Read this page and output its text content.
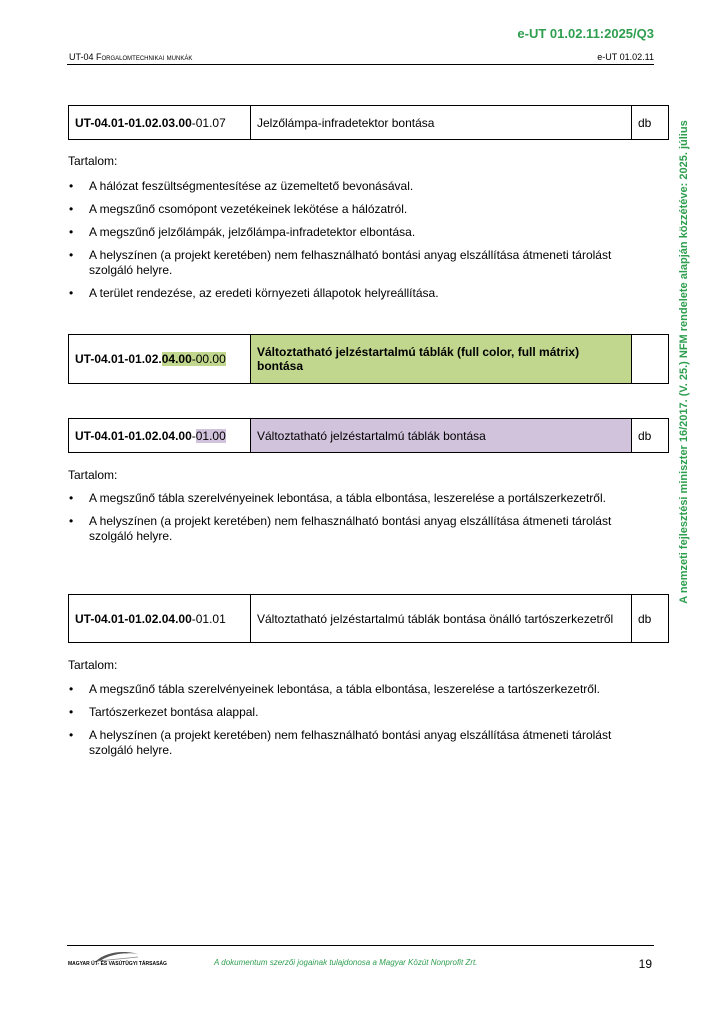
e-UT 01.02.11:2025/Q3
UT-04 Forgalomtechnikai munkák	e-UT 01.02.11
A nemzeti fejlesztési miniszter 16/2017. (V. 25.) NFM rendelete alapján közzétéve: 2025. július
UT-04.01-01.02.03.00-01.07	Jelzőlámpa-infradetektor bontása	db
Tartalom:
• A hálózat feszültségmentesítése az üzemeltető bevonásával.
• A megszűnő csomópont vezetékeinek lekötése a hálózatról.
• A megszűnő jelzőlámpák, jelzőlámpa-infradetektor elbontása.
• A helyszínen (a projekt keretében) nem felhasználható bontási anyag elszállítása átmeneti tárolást szolgáló helyre.
• A terület rendezése, az eredeti környezeti állapotok helyreállítása.
UT-04.01-01.02.04.00-00.00	Változtatható jelzéstartalmú táblák (full color, full mátrix) bontása	
UT-04.01-01.02.04.00-01.00	Változtatható jelzéstartalmú táblák bontása	db
Tartalom:
• A megszűnő tábla szerelvényeinek lebontása, a tábla elbontása, leszerelése a portálszerkezetről.
• A helyszínen (a projekt keretében) nem felhasználható bontási anyag elszállítása átmeneti tárolást szolgáló helyre.
UT-04.01-01.02.04.00-01.01	Változtatható jelzéstartalmú táblák bontása önálló tartószerkezetről	db
Tartalom:
• A megszűnő tábla szerelvényeinek lebontása, a tábla elbontása, leszerelése a tartószerkezetről.
• Tartószerkezet bontása alappal.
• A helyszínen (a projekt keretében) nem felhasználható bontási anyag elszállítása átmeneti tárolást szolgáló helyre.
MAGYAR ÚT- ÉS VASÚTÜGYI TÁRSASÁG	A dokumentum szerzői jogainak tulajdonosa a Magyar Közút Nonprofit Zrt.	19
